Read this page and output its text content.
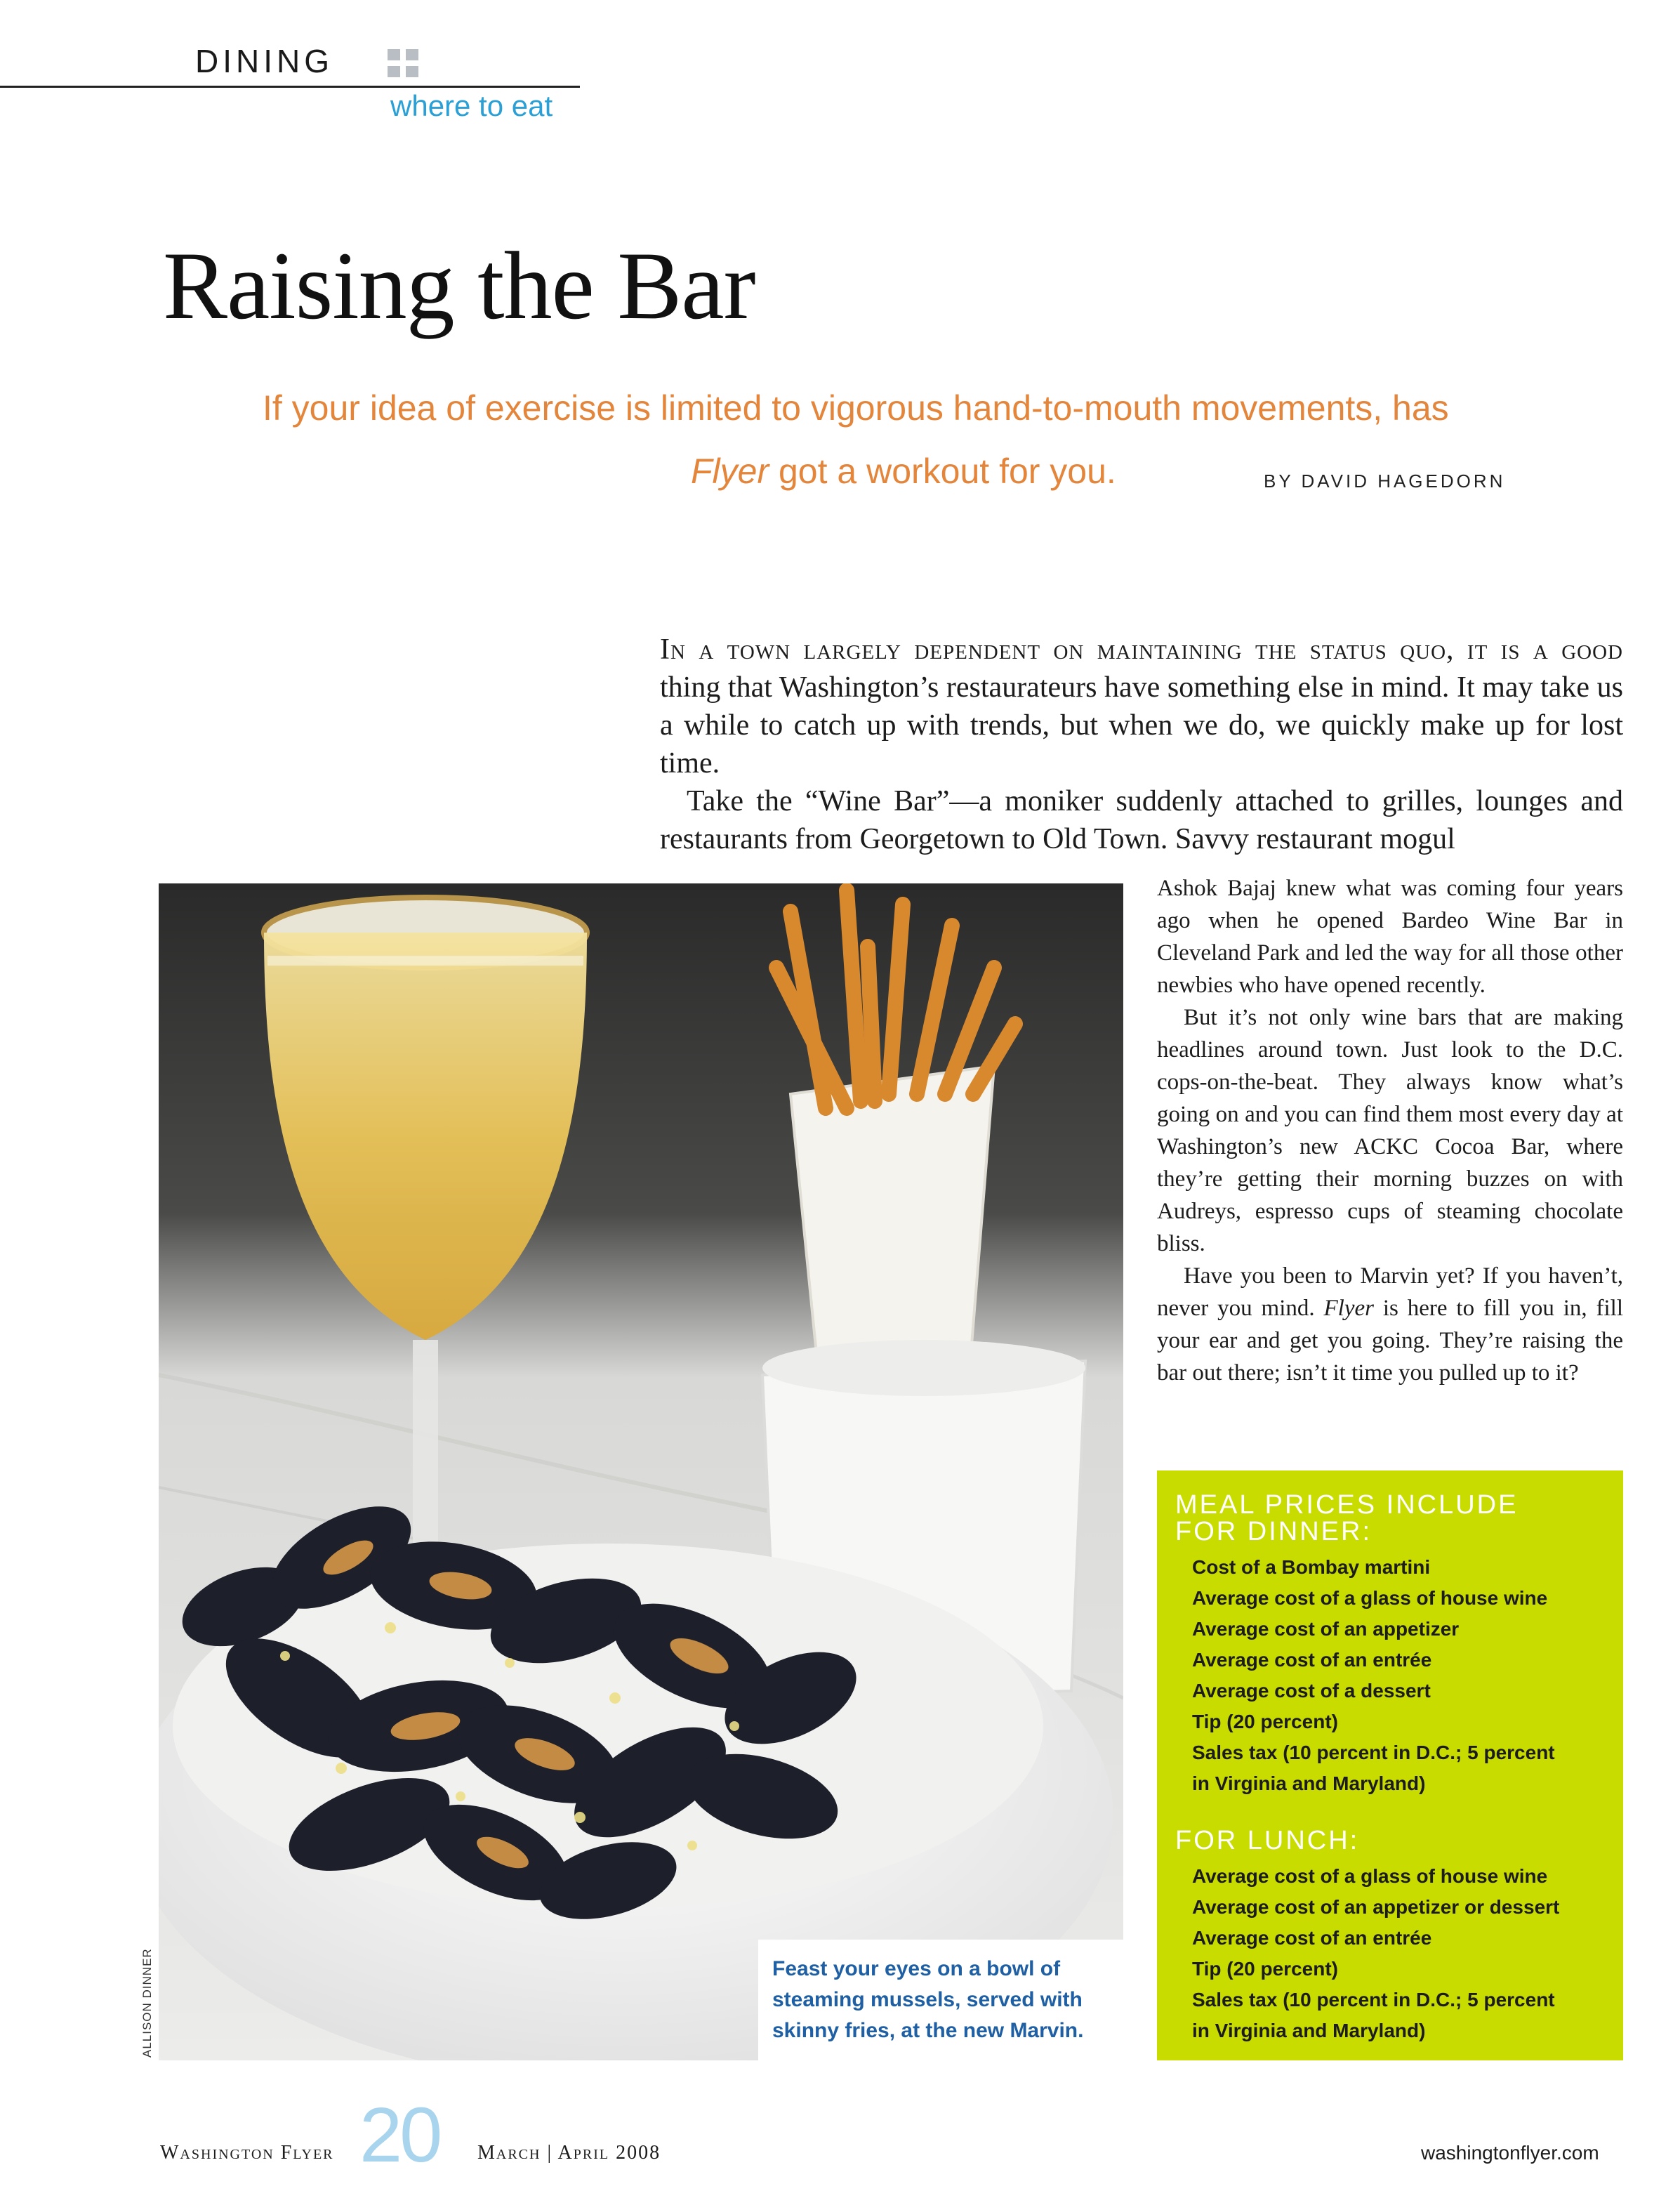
DINING
where to eat
Raising the Bar
If your idea of exercise is limited to vigorous hand-to-mouth movements, has
Flyer got a workout for you.	BY DAVID HAGEDORN

In a town largely dependent on maintaining the status quo, it is a good thing that Washington’s restaurateurs have something else in mind. It may take us a while to catch up with trends, but when we do, we quickly make up for lost time.

Take the “Wine Bar”—a moniker suddenly attached to grilles, lounges and restaurants from Georgetown to Old Town. Savvy restaurant mogul

ALLISON DINNER	Feast your eyes on a bowl of steaming mussels, served with skinny fries, at the new Marvin.

Ashok Bajaj knew what was coming four years ago when he opened Bardeo Wine Bar in Cleveland Park and led the way for all those other newbies who have opened recently.

But it’s not only wine bars that are making headlines around town. Just look to the D.C. cops-on-the-beat. They always know what’s going on and you can find them most every day at Washington’s new ACKC Cocoa Bar, where they’re getting their morning buzzes on with Audreys, espresso cups of steaming chocolate bliss.

Have you been to Marvin yet? If you haven’t, never you mind. Flyer is here to fill you in, fill your ear and get you going. They’re raising the bar out there; isn’t it time you pulled up to it?

MEAL PRICES INCLUDE

FOR DINNER:

Cost of a Bombay martini
Average cost of a glass of house wine
Average cost of an appetizer
Average cost of an entrée
Average cost of a dessert
Tip (20 percent)
Sales tax (10 percent in D.C.; 5 percent
in Virginia and Maryland)

FOR LUNCH:

Average cost of a glass of house wine
Average cost of an appetizer or dessert
Average cost of an entrée
Tip (20 percent)
Sales tax (10 percent in D.C.; 5 percent
in Virginia and Maryland)
Washington Flyer 20 March | April 2008	washingtonflyer.com
